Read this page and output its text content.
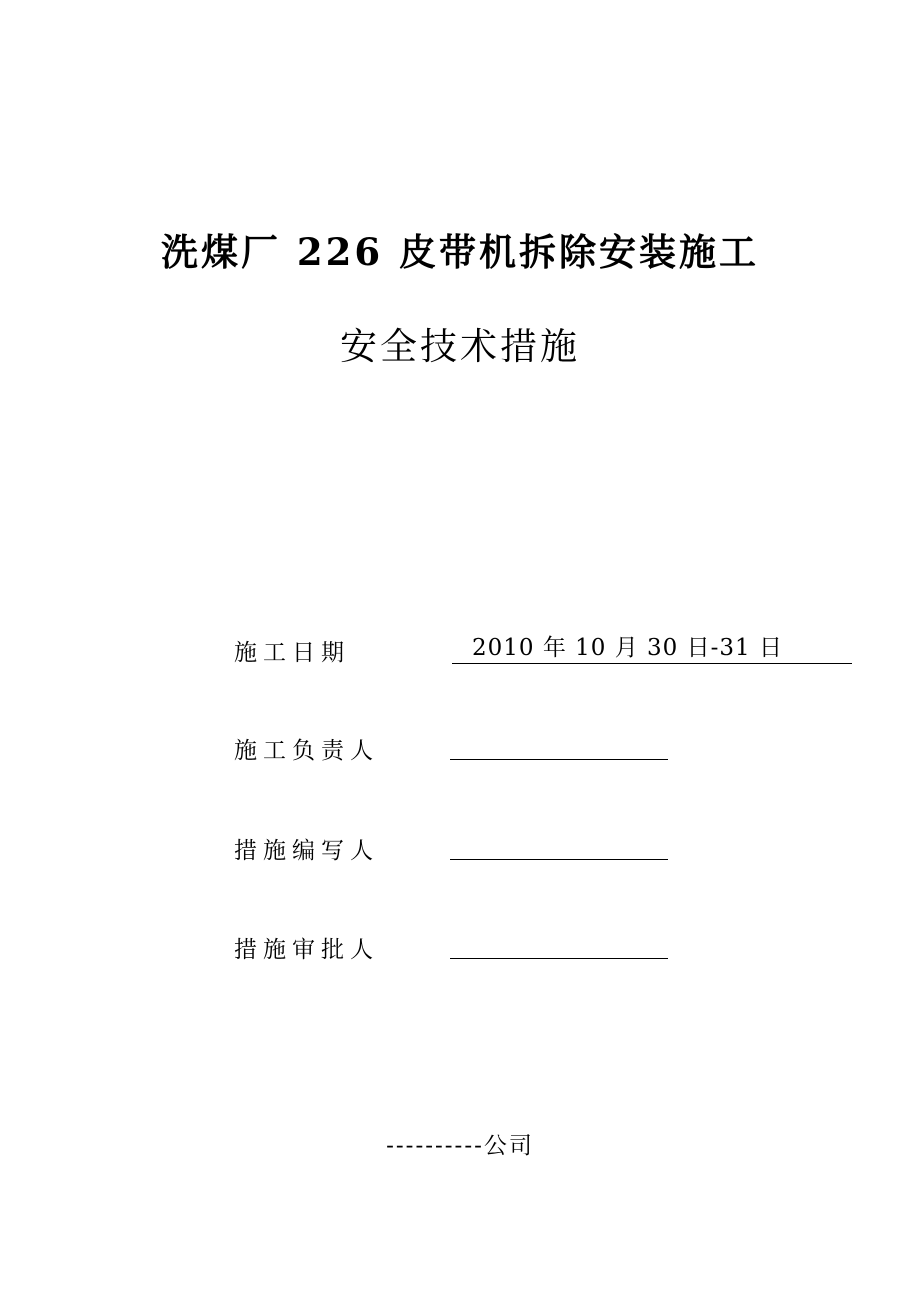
洗煤厂 226 皮带机拆除安装施工
安全技术措施
施工日期	2010 年 10 月 30 日-31 日
施工负责人
措施编写人
措施审批人
----------公司
